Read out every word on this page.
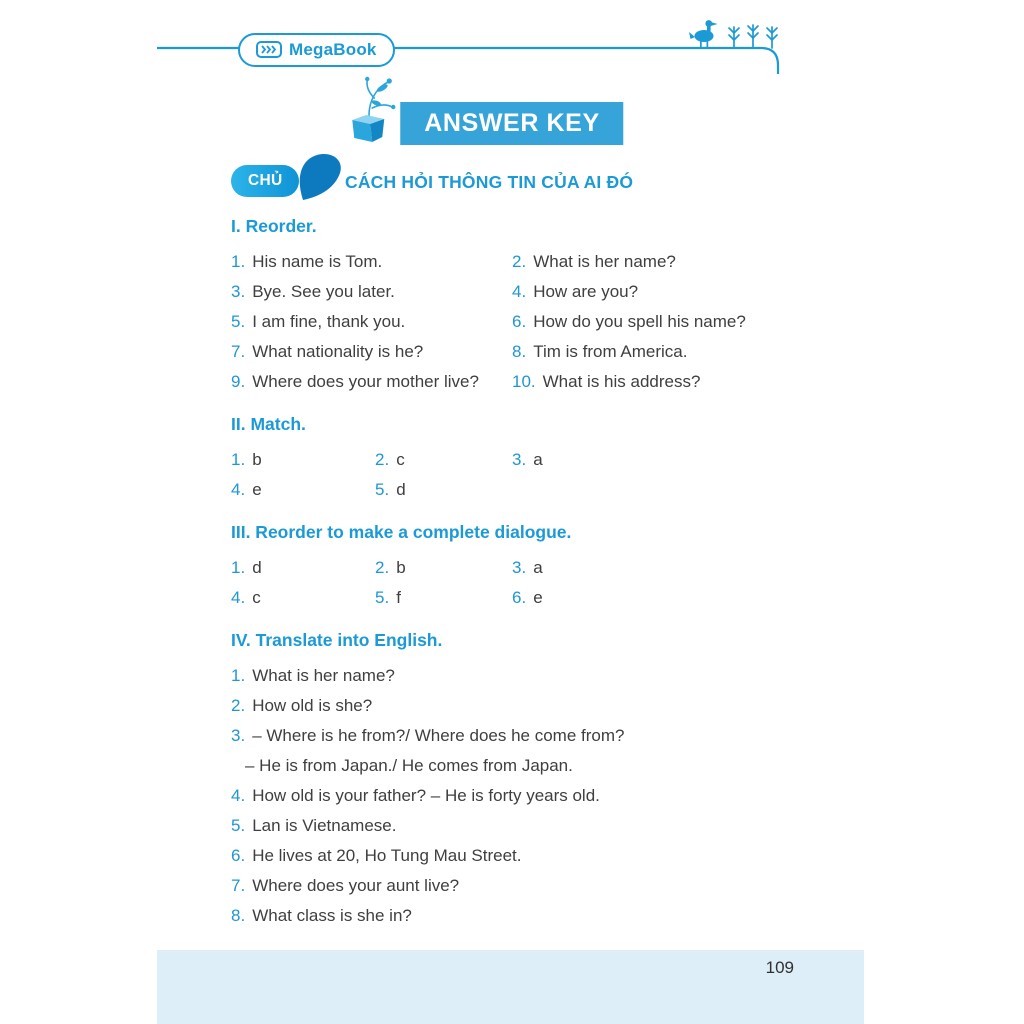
MegaBook
ANSWER KEY
CHỦ ĐỀ 1
CÁCH HỎI THÔNG TIN CỦA AI ĐÓ
I. Reorder.
1. His name is Tom.	2. What is her name?
3. Bye. See you later.	4. How are you?
5. I am fine, thank you.	6. How do you spell his name?
7. What nationality is he?	8. Tim is from America.
9. Where does your mother live?	10. What is his address?
II. Match.
1. b	2. c	3. a
4. e	5. d
III. Reorder to make a complete dialogue.
1. d	2. b	3. a
4. c	5. f	6. e
IV. Translate into English.
1. What is her name?
2. How old is she?
3. – Where is he from?/ Where does he come from?
– He is from Japan./ He comes from Japan.
4. How old is your father? – He is forty years old.
5. Lan is Vietnamese.
6. He lives at 20, Ho Tung Mau Street.
7. Where does your aunt live?
8. What class is she in?
109
